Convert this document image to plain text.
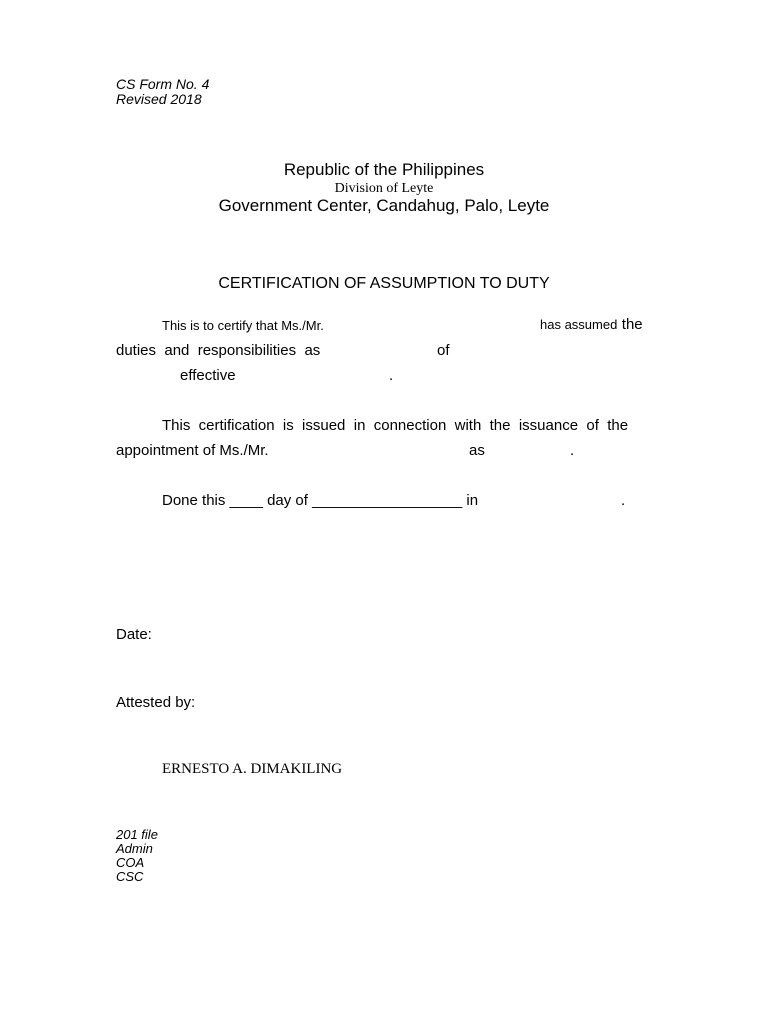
CS Form No. 4
Revised 2018
Republic of the Philippines
Division of Leyte
Government Center, Candahug, Palo, Leyte
CERTIFICATION OF ASSUMPTION TO DUTY
This is to certify that Ms./Mr.	has assumed the
duties  and  responsibilities  as	of
effective	.
This  certification  is  issued  in  connection  with  the  issuance  of  the
appointment of Ms./Mr.	as	.
Done this ____ day of __________________ in	.
Date:
Attested by:
ERNESTO A. DIMAKILING
201 file
Admin
COA
CSC
